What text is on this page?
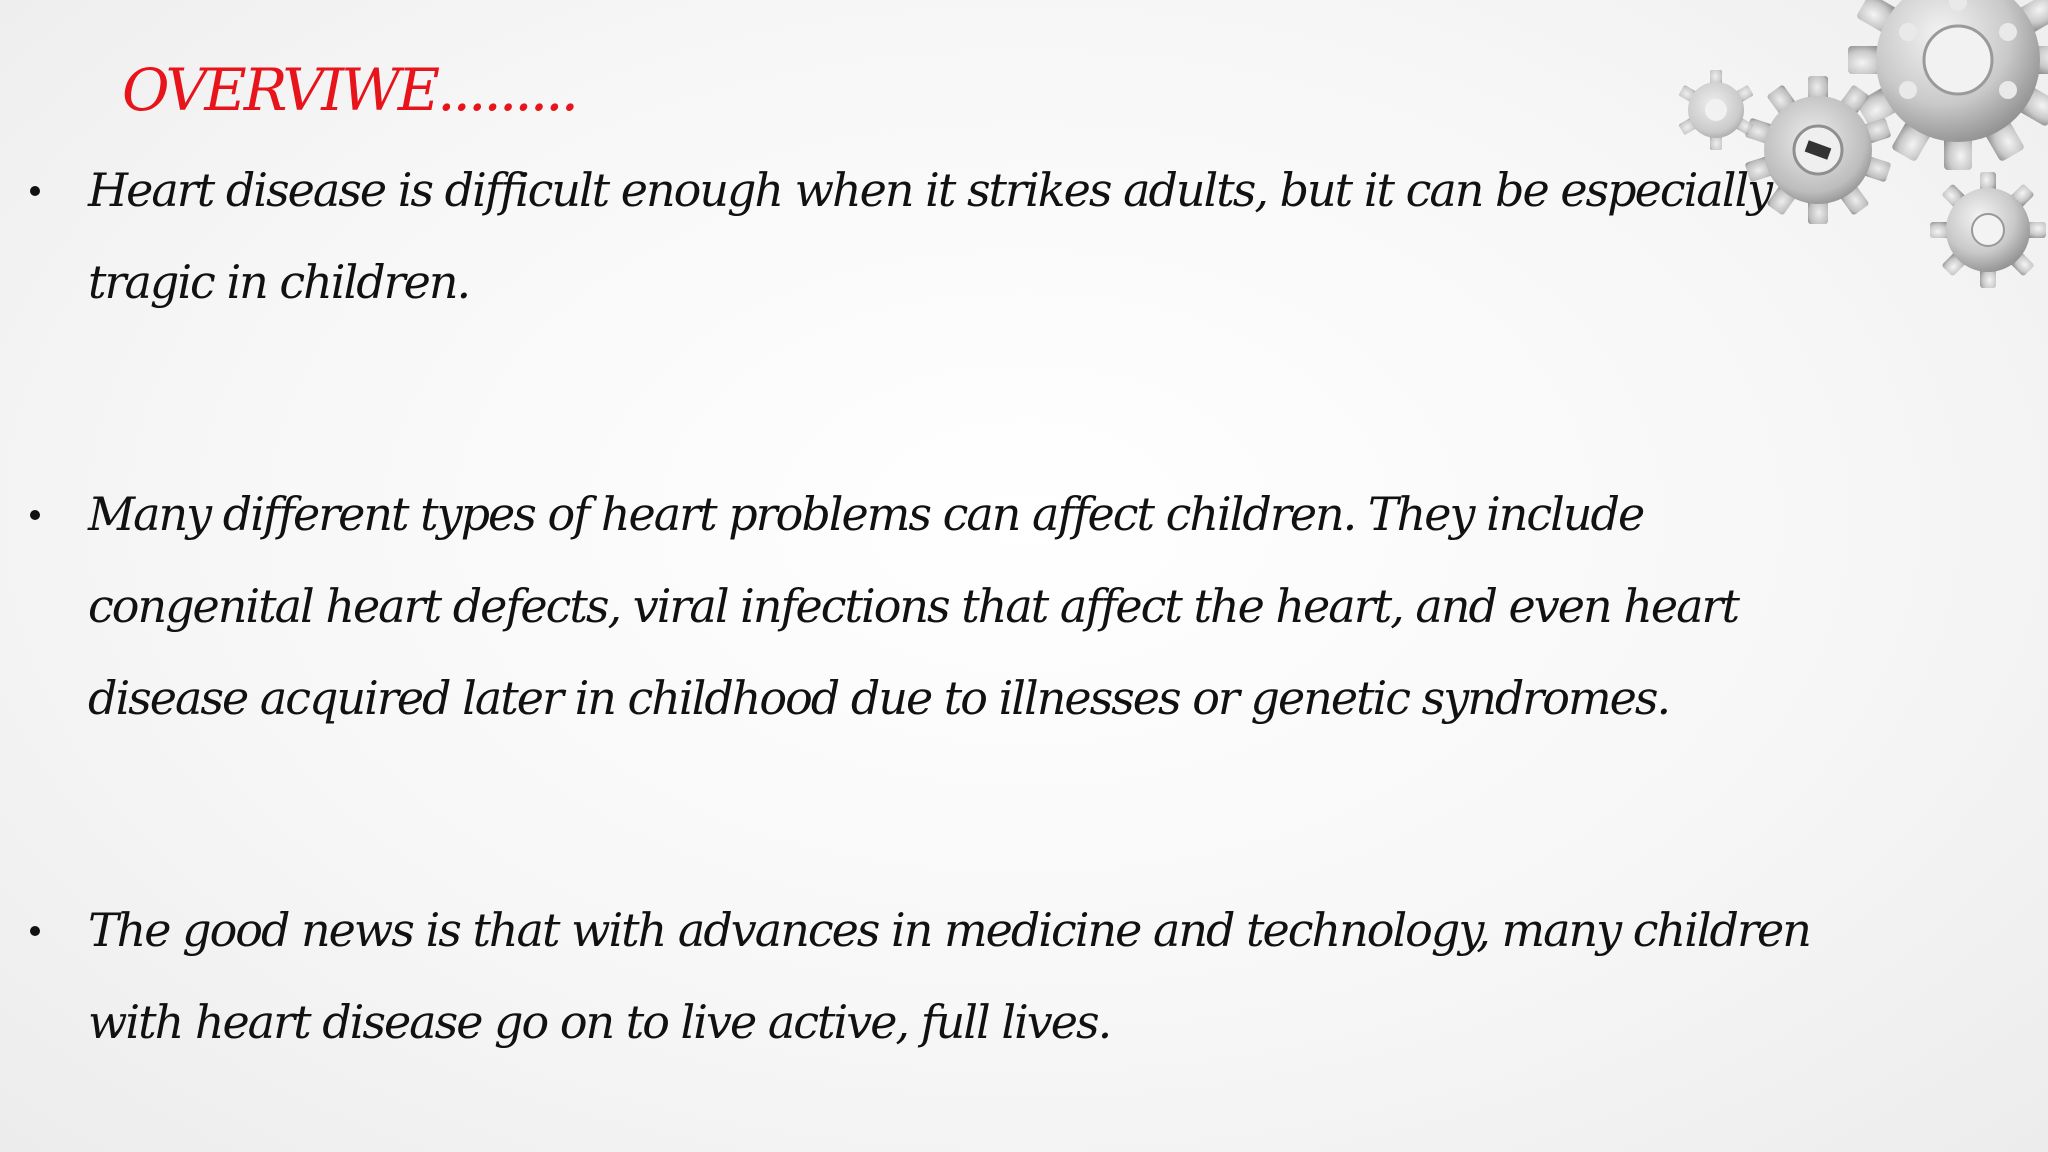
OVERVIWE.........
Heart disease is difficult enough when it strikes adults, but it can be especially
tragic in children.
Many different types of heart problems can affect children. They include
congenital heart defects, viral infections that affect the heart, and even heart
disease acquired later in childhood due to illnesses or genetic syndromes.
The good news is that with advances in medicine and technology, many children
with heart disease go on to live active, full lives.
